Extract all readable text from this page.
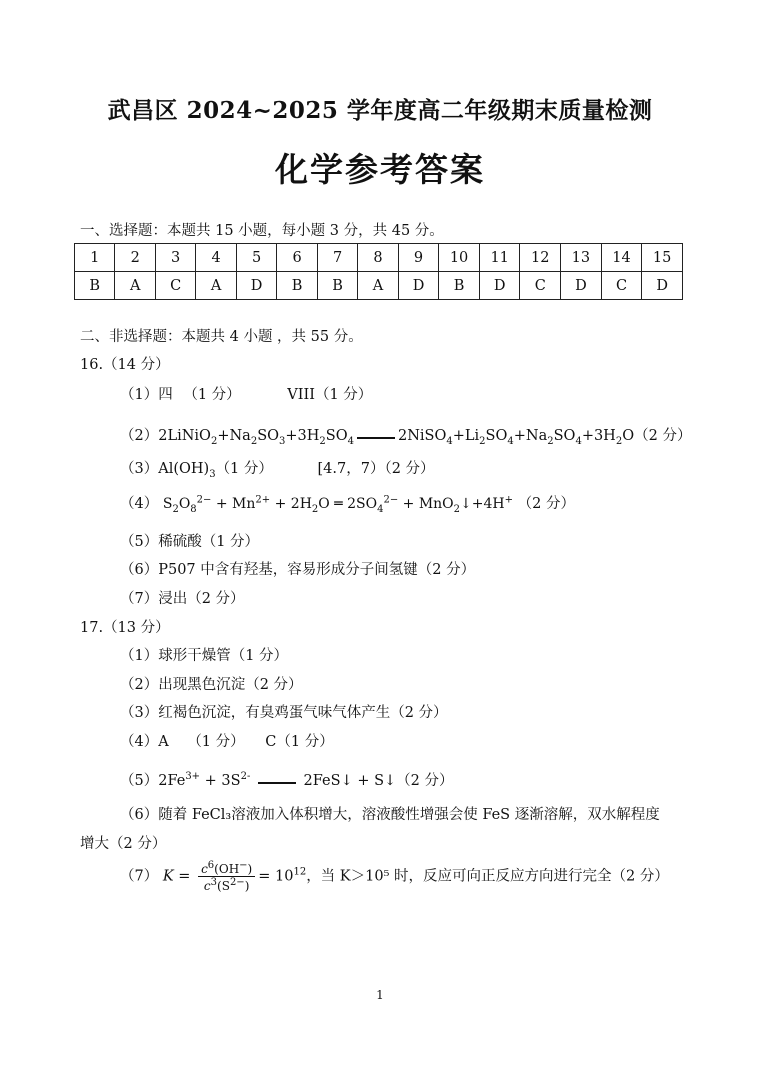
武昌区 2024~2025 学年度高二年级期末质量检测
化学参考答案
一、选择题：本题共 15 小题，每小题 3 分，共 45 分。
1	2	3	4	5	6	7	8	9	10	11	12	13	14	15
B	A	C	A	D	B	B	A	D	B	D	C	D	C	D
二、非选择题：本题共 4 小题 ，共 55 分。
16.（14 分）
（1）四 （1 分）	VIII（1 分）
$(2)2LiNiO_2+Na_2SO_3+3H_2SO_4$	$2NiSO_4+Li_2SO_4+Na_2SO_4+3H_2O(2$ 分）
$(3)Al(OH)_3(1$ 分）	[4.7，7）（2 分）
（4） $S_2O_8^{2-} + Mn^{2+} + 2H_2O$ ═ $2SO_4^{2-}$ + MnO$_2$↓+4H+ （2 分）
（5）稀硫酸（1 分）
（6）P507 中含有羟基，容易形成分子间氢键（2 分）
（7）浸出（2 分）
17.（13 分）
（1）球形干燥管（1 分）
（2）出现黑色沉淀（2 分）
（3）红褐色沉淀，有臭鸡蛋气味气体产生（2 分）
（4）A （1 分） C（1 分）
$(5)2Fe^{3+} + 3S^{2-}$	2FeS↓ + S↓（2 分）
（6）随着 FeCl₃溶液加入体积增大，溶液酸性增强会使 FeS 逐渐溶解，双水解程度
增大（2 分）
（7） $K = \frac{c^6(OH^-)}{c^3(S^{2-})} = 10^{12}$，当 K＞10⁵ 时，反应可向正反应方向进行完全（2 分）
1
